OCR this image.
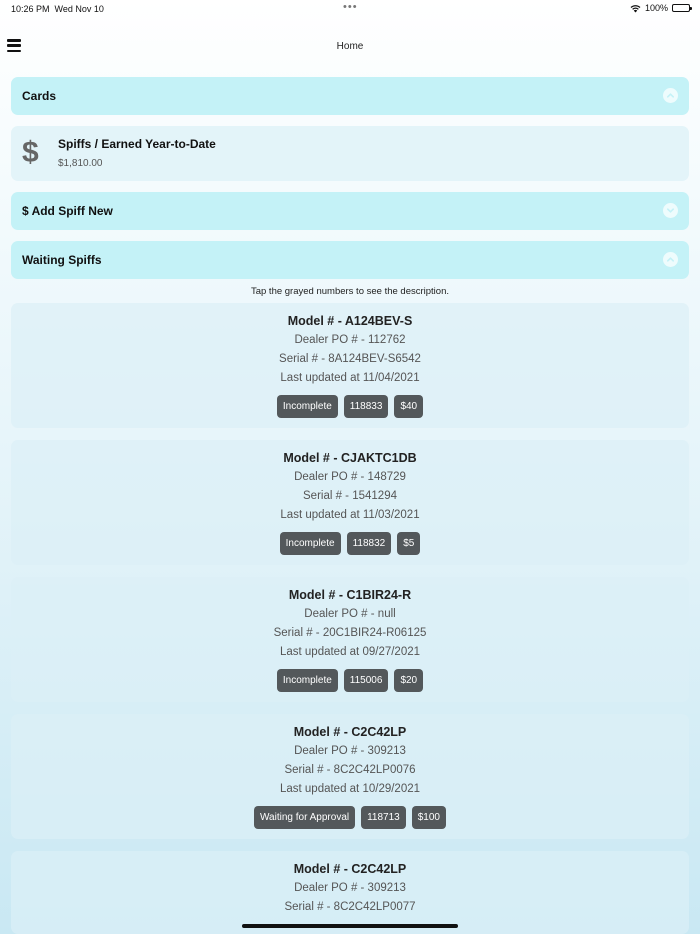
10:26 PM Wed Nov 10	•••	100%
Home
Cards
$ Spiffs / Earned Year-to-Date
$1,810.00
$ Add Spiff New
Waiting Spiffs
Tap the grayed numbers to see the description.
Model # - A124BEV-S
Dealer PO # - 112762
Serial # - 8A124BEV-S6542
Last updated at 11/04/2021
Incomplete	118833	$40
Model # - CJAKTC1DB
Dealer PO # - 148729
Serial # - 1541294
Last updated at 11/03/2021
Incomplete	118832	$5
Model # - C1BIR24-R
Dealer PO # - null
Serial # - 20C1BIR24-R06125
Last updated at 09/27/2021
Incomplete	115006	$20
Model # - C2C42LP
Dealer PO # - 309213
Serial # - 8C2C42LP0076
Last updated at 10/29/2021
Waiting for Approval	118713	$100
Model # - C2C42LP
Dealer PO # - 309213
Serial # - 8C2C42LP0077
